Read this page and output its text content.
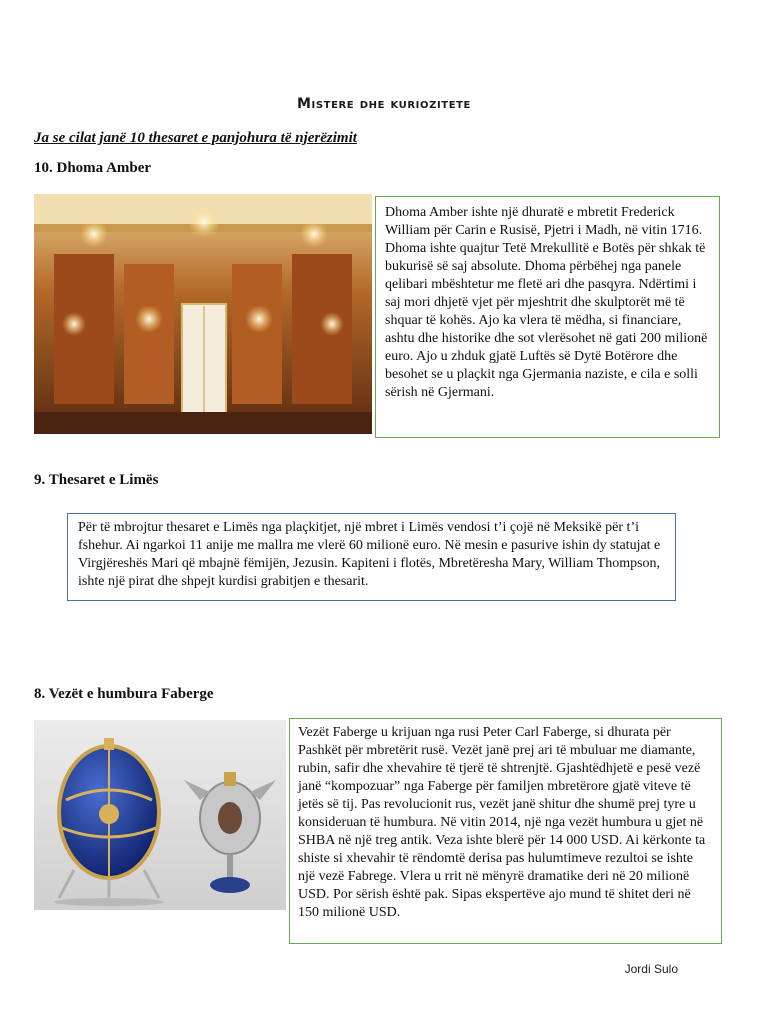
Mistere dhe kuriozitete
Ja se cilat janë 10 thesaret e panjohura të njerëzimit
10. Dhoma Amber
Dhoma Amber ishte një dhuratë e mbretit Frederick William për Carin e Rusisë, Pjetri i Madh, në vitin 1716. Dhoma ishte quajtur Tetë Mrekullitë e Botës për shkak të bukurisë së saj absolute. Dhoma përbëhej nga panele qelibari mbështetur me fletë ari dhe pasqyra. Ndërtimi i saj mori dhjetë vjet për mjeshtrit dhe skulptorët më të shquar të kohës. Ajo ka vlera të mëdha, si financiare, ashtu dhe historike dhe sot vlerësohet në gati 200 milionë euro. Ajo u zhduk gjatë Luftës së Dytë Botërore dhe besohet se u plaçkit nga Gjermania naziste, e cila e solli sërish në Gjermani.
9. Thesaret e Limës
Për të mbrojtur thesaret e Limës nga plaçkitjet, një mbret i Limës vendosi t’i çojë në Meksikë për t’i fshehur. Ai ngarkoi 11 anije me mallra me vlerë 60 milionë euro. Në mesin e pasurive ishin dy statujat e Virgjëreshës Mari që mbajnë fëmijën, Jezusin. Kapiteni i flotës, Mbretëresha Mary, William Thompson, ishte një pirat dhe shpejt kurdisi grabitjen e thesarit.
8. Vezët e humbura Faberge
Vezët Faberge u krijuan nga rusi Peter Carl Faberge, si dhurata për Pashkët për mbretërit rusë. Vezët janë prej ari të mbuluar me diamante, rubin, safir dhe xhevahire të tjerë të shtrenjtë. Gjashtëdhjetë e pesë vezë janë “kompozuar” nga Faberge për familjen mbretërore gjatë viteve të jetës së tij. Pas revolucionit rus, vezët janë shitur dhe shumë prej tyre u konsideruan të humbura. Në vitin 2014, një nga vezët humbura u gjet në SHBA në një treg antik. Veza ishte blerë për 14 000 USD. Ai kërkonte ta shiste si xhevahir të rëndomtë derisa pas hulumtimeve rezultoi se ishte një vezë Fabrege. Vlera u rrit në mënyrë dramatike deri në 20 milionë USD. Por sërish është pak. Sipas ekspertëve ajo mund të shitet deri në 150 milionë USD.
Jordi Sulo
